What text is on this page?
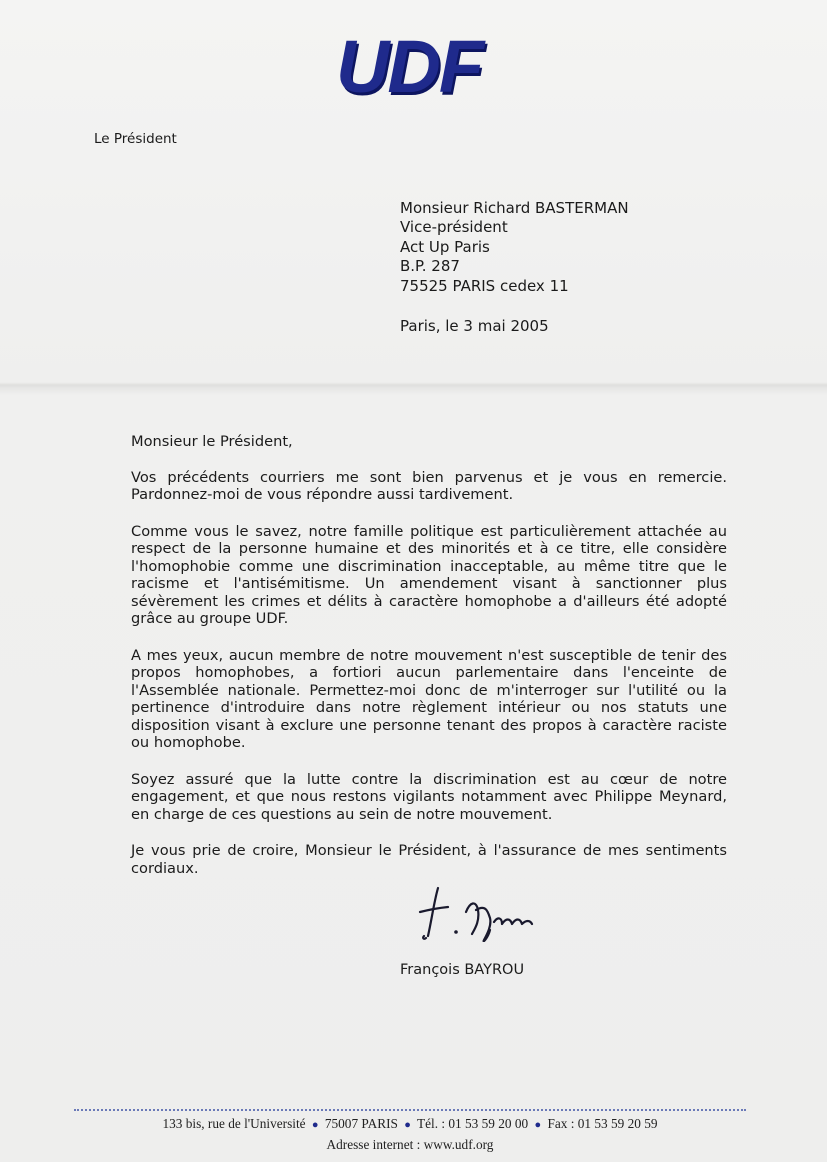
UDF
Le Président
Monsieur Richard BASTERMAN
Vice-président
Act Up Paris
B.P. 287
75525 PARIS cedex 11
Paris, le 3 mai 2005

Monsieur le Président,

Vos précédents courriers me sont bien parvenus et je vous en remercie. Pardonnez-moi de vous répondre aussi tardivement.

Comme vous le savez, notre famille politique est particulièrement attachée au respect de la personne humaine et des minorités et à ce titre, elle considère l'homophobie comme une discrimination inacceptable, au même titre que le racisme et l'antisémitisme. Un amendement visant à sanctionner plus sévèrement les crimes et délits à caractère homophobe a d'ailleurs été adopté grâce au groupe UDF.

A mes yeux, aucun membre de notre mouvement n'est susceptible de tenir des propos homophobes, a fortiori aucun parlementaire dans l'enceinte de l'Assemblée nationale. Permettez-moi donc de m'interroger sur l'utilité ou la pertinence d'introduire dans notre règlement intérieur ou nos statuts une disposition visant à exclure une personne tenant des propos à caractère raciste ou homophobe.

Soyez assuré que la lutte contre la discrimination est au cœur de notre engagement, et que nous restons vigilants notamment avec Philippe Meynard, en charge de ces questions au sein de notre mouvement.

Je vous prie de croire, Monsieur le Président, à l'assurance de mes sentiments cordiaux.

François BAYROU
133 bis, rue de l'Université ● 75007 PARIS ● Tél. : 01 53 59 20 00 ● Fax : 01 53 59 20 59
Adresse internet : www.udf.org
